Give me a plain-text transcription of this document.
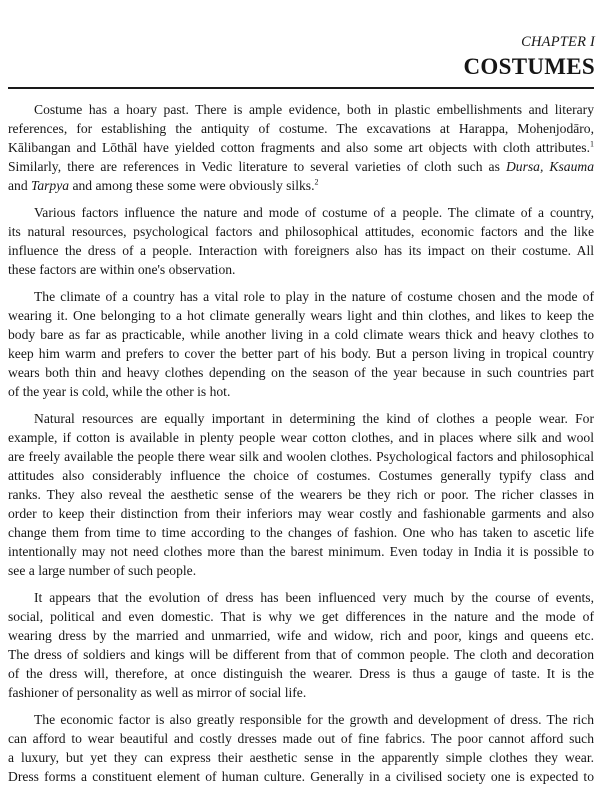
CHAPTER I
COSTUMES

Costume has a hoary past. There is ample evidence, both in plastic embellishments and literary
references, for establishing the antiquity of costume. The excavations at Harappa, Mohenjodāro,
Kālibangan and Lōthāl have yielded cotton fragments and also some art objects with cloth attributes.$^1$
Similarly, there are references in Vedic literature to several varieties of cloth such as Dursa, Ksauma
and Tarpya and among these some were obviously silks.$^2$

Various factors influence the nature and mode of costume of a people. The climate of a country,
its natural resources, psychological factors and philosophical attitudes, economic factors and the like
influence the dress of a people. Interaction with foreigners also has its impact on their costume. All
these factors are within one's observation.

The climate of a country has a vital role to play in the nature of costume chosen and the mode of
wearing it. One belonging to a hot climate generally wears light and thin clothes, and likes to keep the
body bare as far as practicable, while another living in a cold climate wears thick and heavy clothes to
keep him warm and prefers to cover the better part of his body. But a person living in tropical country
wears both thin and heavy clothes depending on the season of the year because in such countries part
of the year is cold, while the other is hot.

Natural resources are equally important in determining the kind of clothes a people wear. For
example, if cotton is available in plenty people wear cotton clothes, and in places where silk and wool
are freely available the people there wear silk and woolen clothes. Psychological factors and philosophical
attitudes also considerably influence the choice of costumes. Costumes generally typify class and
ranks. They also reveal the aesthetic sense of the wearers be they rich or poor. The richer classes in
order to keep their distinction from their inferiors may wear costly and fashionable garments and also
change them from time to time according to the changes of fashion. One who has taken to ascetic life
intentionally may not need clothes more than the barest minimum. Even today in India it is possible to
see a large number of such people.

It appears that the evolution of dress has been influenced very much by the course of events,
social, political and even domestic. That is why we get differences in the nature and the mode of
wearing dress by the married and unmarried, wife and widow, rich and poor, kings and queens etc.
The dress of soldiers and kings will be different from that of common people. The cloth and decoration
of the dress will, therefore, at once distinguish the wearer. Dress is thus a gauge of taste. It is the
fashioner of personality as well as mirror of social life.

The economic factor is also greatly responsible for the growth and development of dress. The rich
can afford to wear beautiful and costly dresses made out of fine fabrics. The poor cannot afford such
a luxury, but yet they can express their aesthetic sense in the apparently simple clothes they wear.
Dress forms a constituent element of human culture. Generally in a civilised society one is expected to
